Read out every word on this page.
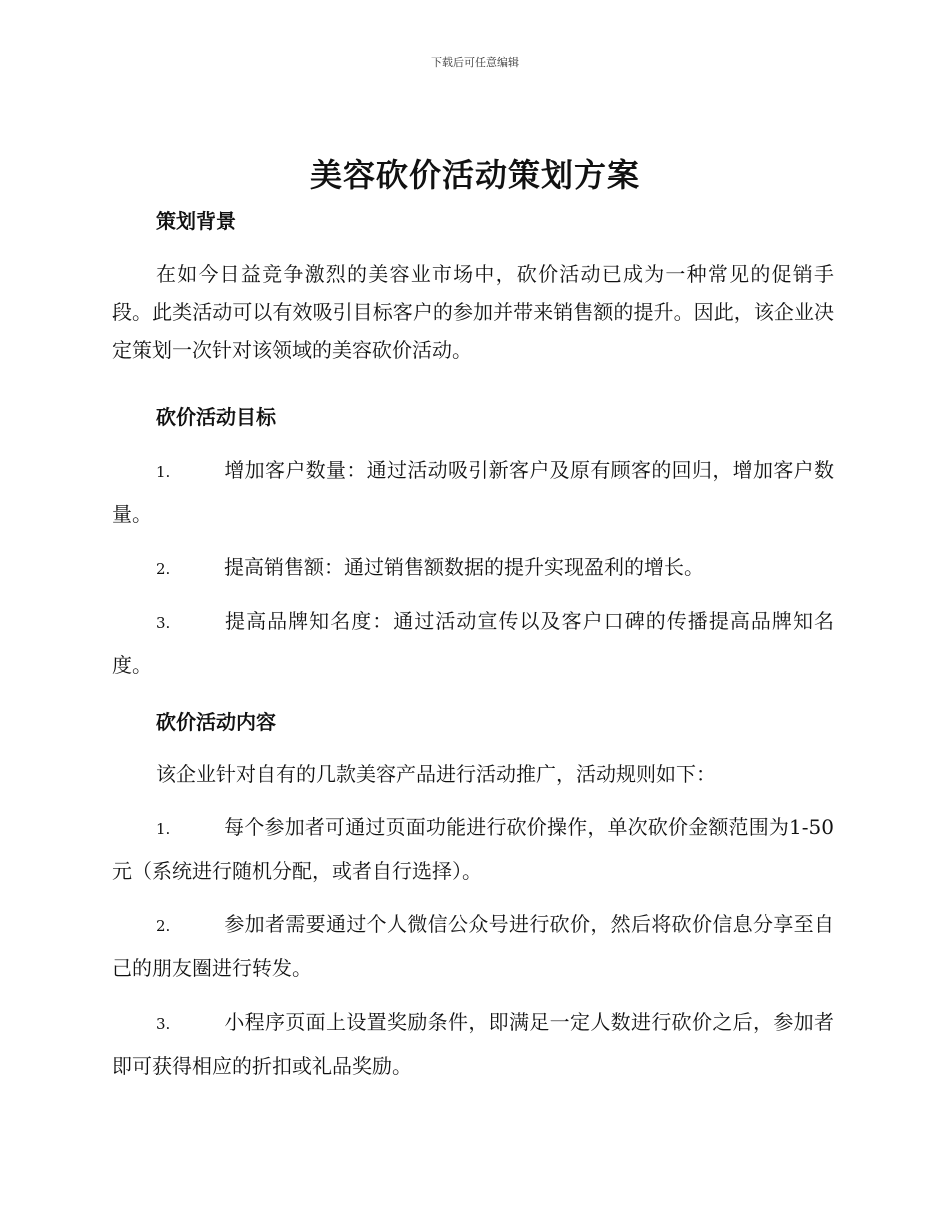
下载后可任意编辑
美容砍价活动策划方案
策划背景
在如今日益竞争激烈的美容业市场中，砍价活动已成为一种常见的促销手段。此类活动可以有效吸引目标客户的参加并带来销售额的提升。因此，该企业决定策划一次针对该领域的美容砍价活动。
砍价活动目标
1.	增加客户数量：通过活动吸引新客户及原有顾客的回归，增加客户数量。
2.	提高销售额：通过销售额数据的提升实现盈利的增长。
3.	提高品牌知名度：通过活动宣传以及客户口碑的传播提高品牌知名度。
砍价活动内容
该企业针对自有的几款美容产品进行活动推广，活动规则如下：
1.	每个参加者可通过页面功能进行砍价操作，单次砍价金额范围为1-50元（系统进行随机分配，或者自行选择）。
2.	参加者需要通过个人微信公众号进行砍价，然后将砍价信息分享至自己的朋友圈进行转发。
3.	小程序页面上设置奖励条件，即满足一定人数进行砍价之后，参加者即可获得相应的折扣或礼品奖励。
